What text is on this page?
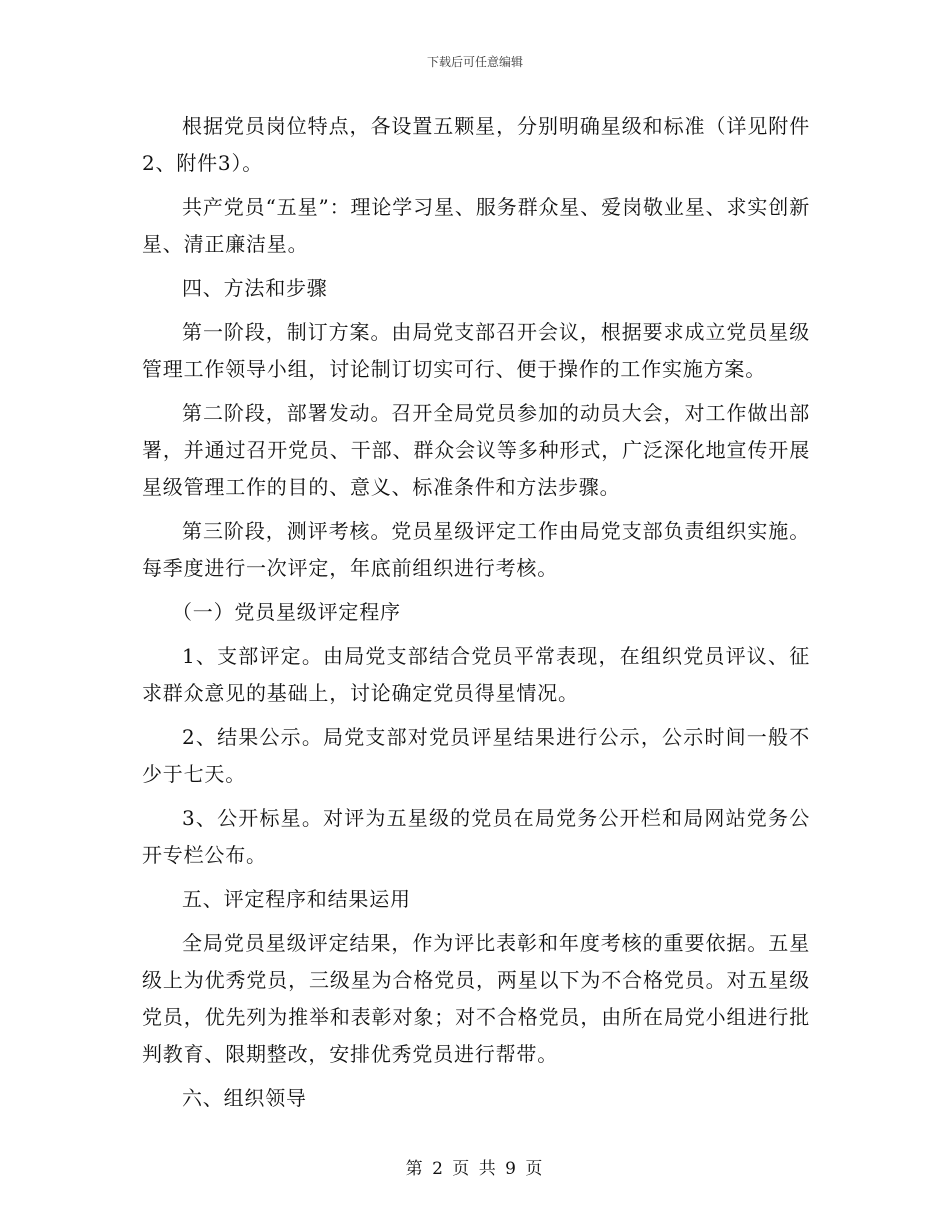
下载后可任意编辑

根据党员岗位特点，各设置五颗星，分别明确星级和标准（详见附件2、附件3）。

共产党员“五星”：理论学习星、服务群众星、爱岗敬业星、求实创新星、清正廉洁星。

四、方法和步骤

第一阶段，制订方案。由局党支部召开会议，根据要求成立党员星级管理工作领导小组，讨论制订切实可行、便于操作的工作实施方案。

第二阶段，部署发动。召开全局党员参加的动员大会，对工作做出部署，并通过召开党员、干部、群众会议等多种形式，广泛深化地宣传开展星级管理工作的目的、意义、标准条件和方法步骤。

第三阶段，测评考核。党员星级评定工作由局党支部负责组织实施。每季度进行一次评定，年底前组织进行考核。

（一）党员星级评定程序

1、支部评定。由局党支部结合党员平常表现，在组织党员评议、征求群众意见的基础上，讨论确定党员得星情况。

2、结果公示。局党支部对党员评星结果进行公示，公示时间一般不少于七天。

3、公开标星。对评为五星级的党员在局党务公开栏和局网站党务公开专栏公布。

五、评定程序和结果运用

全局党员星级评定结果，作为评比表彰和年度考核的重要依据。五星级上为优秀党员，三级星为合格党员，两星以下为不合格党员。对五星级党员，优先列为推举和表彰对象；对不合格党员，由所在局党小组进行批判教育、限期整改，安排优秀党员进行帮带。

六、组织领导

第 2 页 共 9 页
